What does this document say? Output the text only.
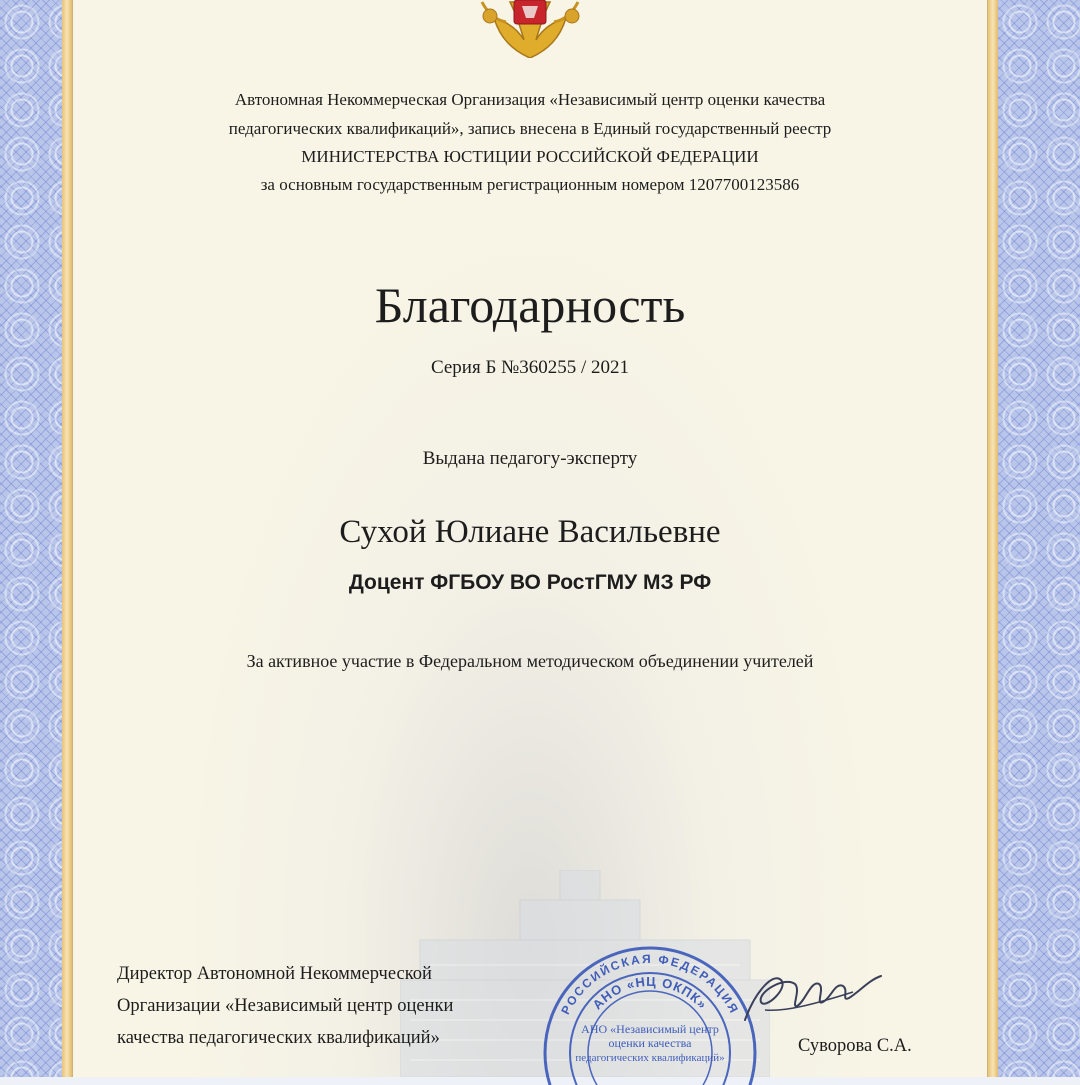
Автономная Некоммерческая Организация «Независимый центр оценки качества
педагогических квалификаций», запись внесена в Единый государственный реестр
МИНИСТЕРСТВА ЮСТИЦИИ РОССИЙСКОЙ ФЕДЕРАЦИИ
за основным государственным регистрационным номером 1207700123586
Благодарность
Серия Б №360255 / 2021
Выдана педагогу-эксперту
Сухой Юлиане Васильевне
Доцент ФГБОУ ВО РостГМУ МЗ РФ
За активное участие в Федеральном методическом объединении учителей
Директор Автономной Некоммерческой
Организации «Независимый центр оценки
качества педагогических квалификаций»
РОССИЙСКАЯ ФЕДЕРАЦИЯ
АНО «НЦ ОКПК»
АНО «Независимый центр
оценки качества
педагогических квалификаций»
Суворова С.А.
